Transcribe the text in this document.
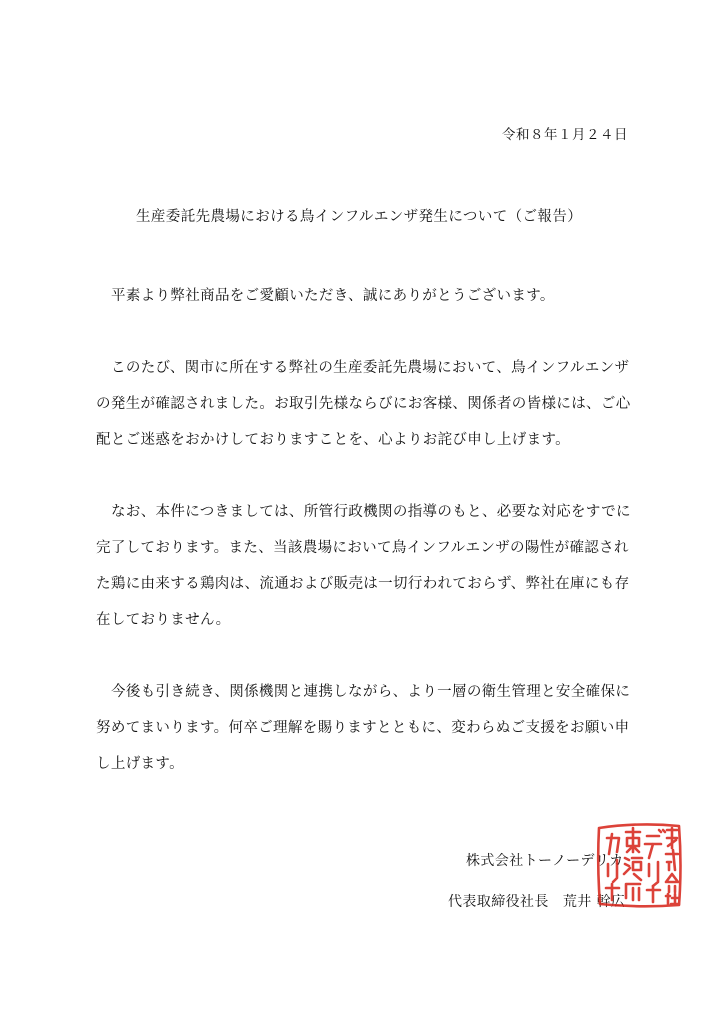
令和８年１月２４日
生産委託先農場における鳥インフルエンザ発生について（ご報告）

平素より弊社商品をご愛顧いただき、誠にありがとうございます。

このたび、関市に所在する弊社の生産委託先農場において、鳥インフルエンザの発生が確認されました。お取引先様ならびにお客様、関係者の皆様には、ご心配とご迷惑をおかけしておりますことを、心よりお詫び申し上げます。

なお、本件につきましては、所管行政機関の指導のもと、必要な対応をすでに完了しております。また、当該農場において鳥インフルエンザの陽性が確認された鶏に由来する鶏肉は、流通および販売は一切行われておらず、弊社在庫にも存在しておりません。

今後も引き続き、関係機関と連携しながら、より一層の衛生管理と安全確保に努めてまいります。何卒ご理解を賜りますとともに、変わらぬご支援をお願い申し上げます。

株式会社トーノーデリカ
代表取締役社長 荒井 幹広
